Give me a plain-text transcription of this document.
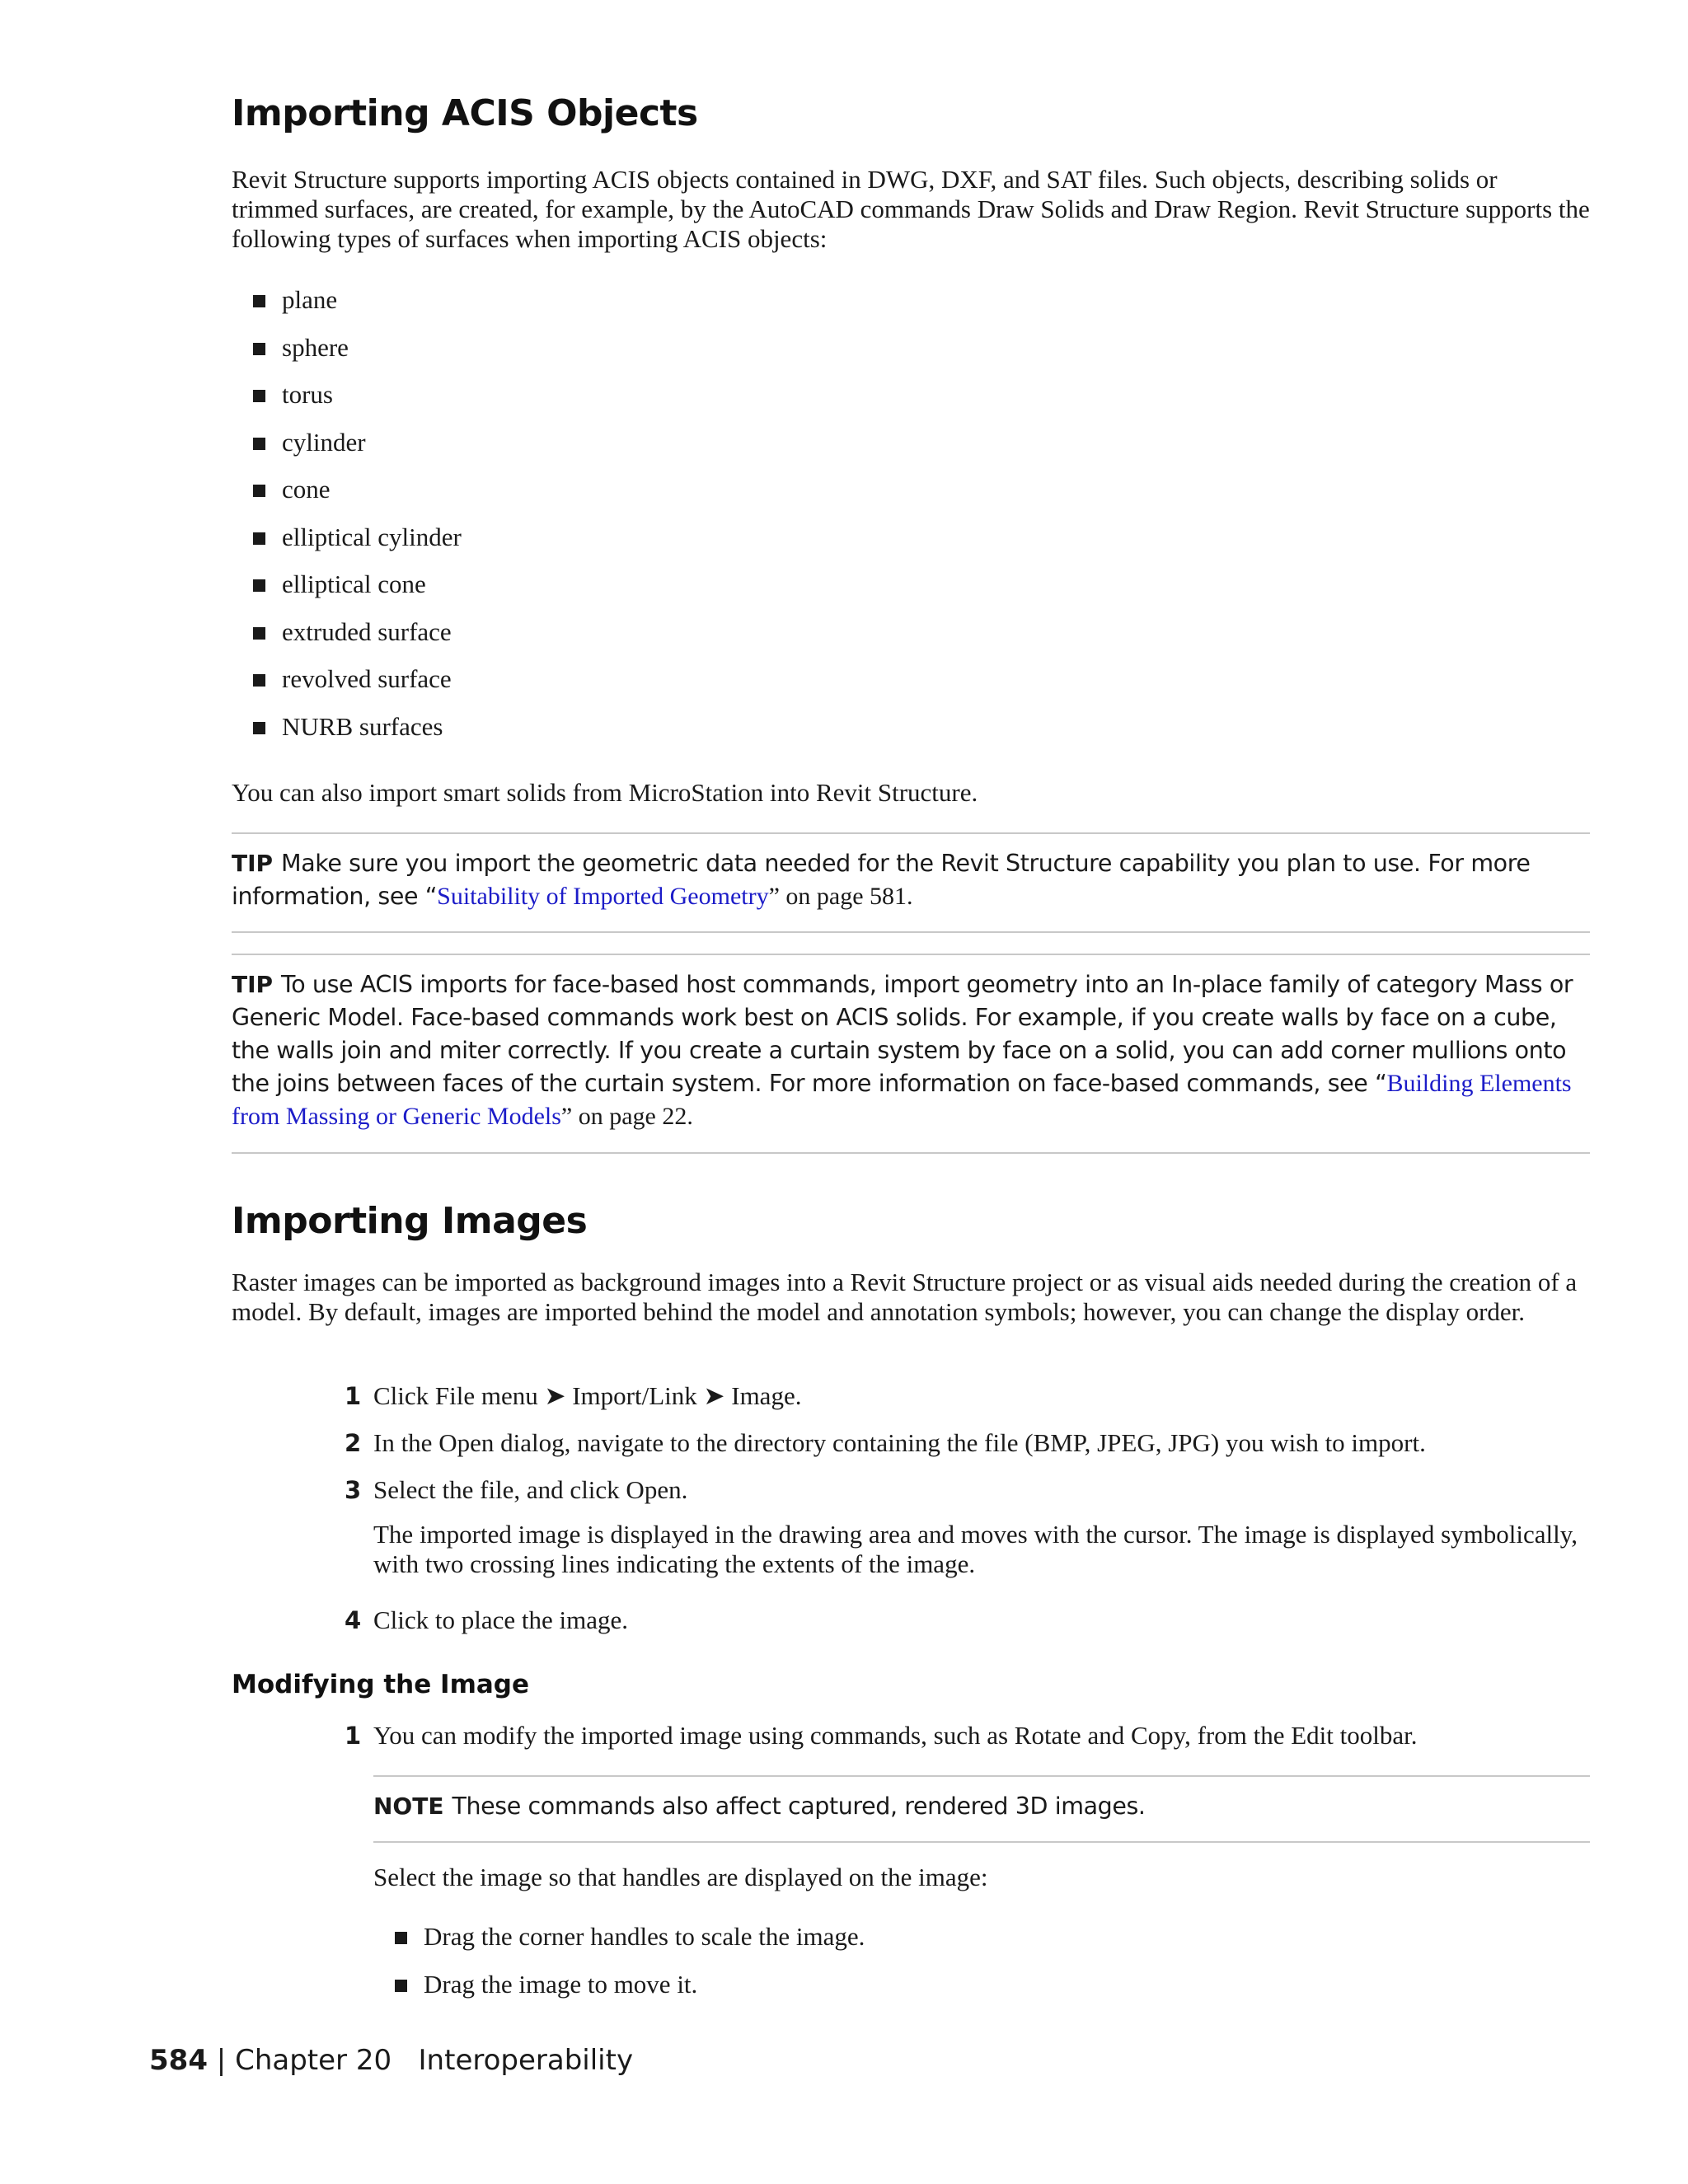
Importing ACIS Objects

Revit Structure supports importing ACIS objects contained in DWG, DXF, and SAT files. Such objects, describing solids or trimmed surfaces, are created, for example, by the AutoCAD commands Draw Solids and Draw Region. Revit Structure supports the following types of surfaces when importing ACIS objects:

plane
sphere
torus
cylinder
cone
elliptical cylinder
elliptical cone
extruded surface
revolved surface
NURB surfaces

You can also import smart solids from MicroStation into Revit Structure.

TIP Make sure you import the geometric data needed for the Revit Structure capability you plan to use. For more information, see “Suitability of Imported Geometry” on page 581.
TIP To use ACIS imports for face-based host commands, import geometry into an In-place family of category Mass or Generic Model. Face-based commands work best on ACIS solids. For example, if you create walls by face on a cube, the walls join and miter correctly. If you create a curtain system by face on a solid, you can add corner mullions onto the joins between faces of the curtain system. For more information on face-based commands, see “Building Elements from Massing or Generic Models” on page 22.
Importing Images

Raster images can be imported as background images into a Revit Structure project or as visual aids needed during the creation of a model. By default, images are imported behind the model and annotation symbols; however, you can change the display order.

1 Click File menu ➤ Import/Link ➤ Image.
2 In the Open dialog, navigate to the directory containing the file (BMP, JPEG, JPG) you wish to import.
3 Select the file, and click Open.

The imported image is displayed in the drawing area and moves with the cursor. The image is displayed symbolically, with two crossing lines indicating the extents of the image.

4 Click to place the image.
Modifying the Image
1 You can modify the imported image using commands, such as Rotate and Copy, from the Edit toolbar.
NOTE These commands also affect captured, rendered 3D images.

Select the image so that handles are displayed on the image:

Drag the corner handles to scale the image.
Drag the image to move it.
584 | Chapter 20 Interoperability
